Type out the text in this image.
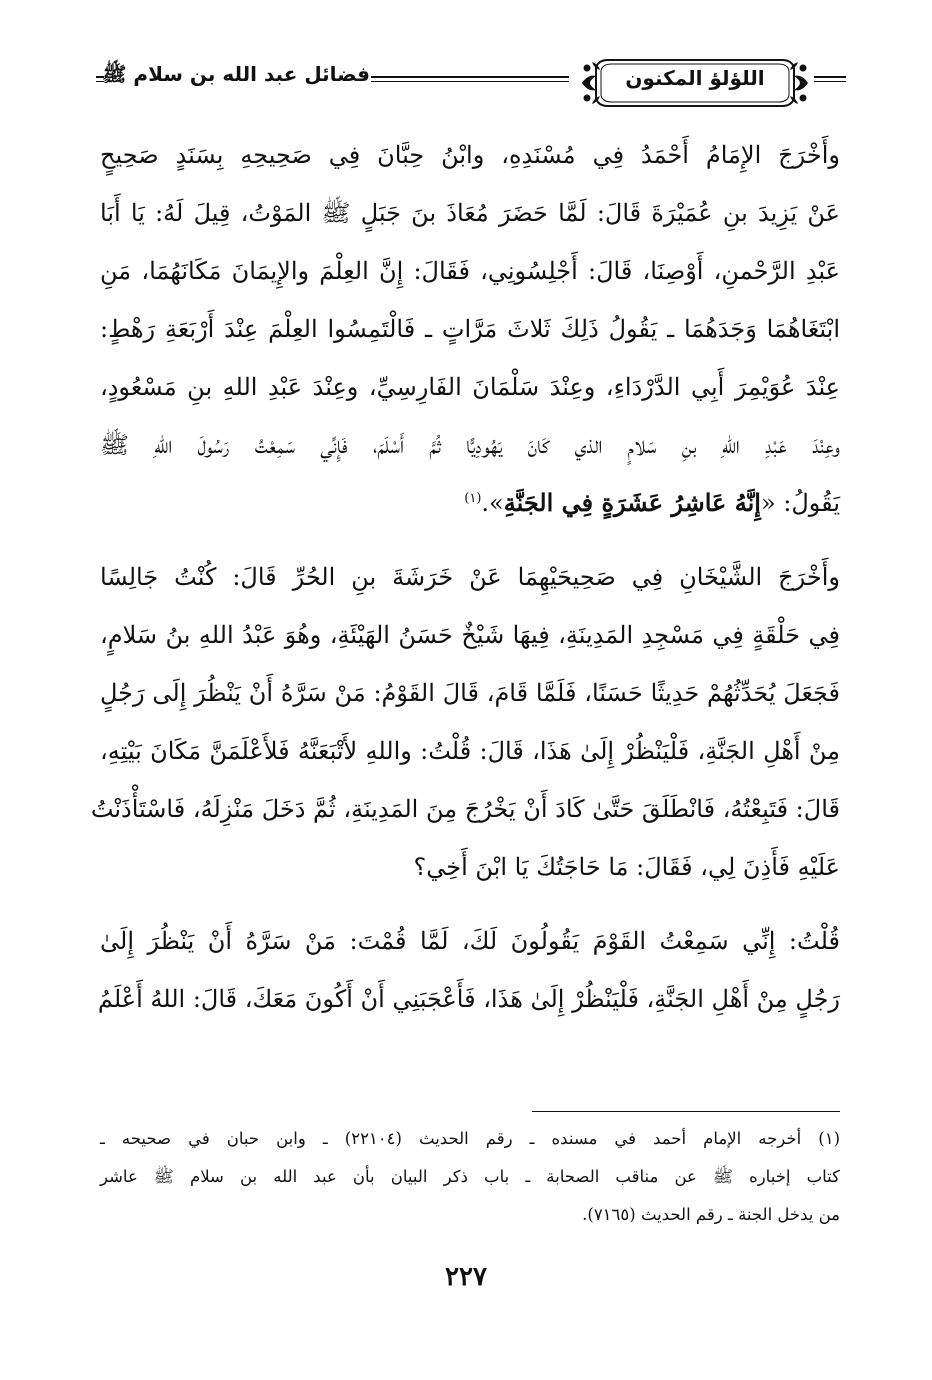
فضائل عبد الله بن سلام ﷺ	اللؤلؤ المكنون
وأَخْرَجَ الإِمَامُ أَحْمَدُ فِي مُسْنَدِهِ، وابْنُ حِبَّانَ فِي صَحِيحِهِ بِسَنَدٍ صَحِيحٍ
عَنْ يَزِيدَ بنِ عُمَيْرَةَ قَالَ: لَمَّا حَضَرَ مُعَاذَ بنَ جَبَلٍ ﷺ المَوْتُ، قِيلَ لَهُ: يَا أَبَا
عَبْدِ الرَّحْمنِ، أَوْصِنَا، قَالَ: أَجْلِسُونِي، فَقَالَ: إِنَّ العِلْمَ والإِيمَانَ مَكَانَهُمَا، مَنِ
ابْتَغَاهُمَا وَجَدَهُمَا ـ يَقُولُ ذَلِكَ ثَلاثَ مَرَّاتٍ ـ فَالْتَمِسُوا العِلْمَ عِنْدَ أَرْبَعَةِ رَهْطٍ:
عِنْدَ عُوَيْمِرَ أَبِي الدَّرْدَاءِ، وعِنْدَ سَلْمَانَ الفَارِسِيِّ، وعِنْدَ عَبْدِ اللهِ بنِ مَسْعُودٍ،
وعِنْدَ عَبْدِ اللهِ بنِ سَلامٍ الذي كَانَ يَهُودِيًّا ثُمَّ أَسْلَمَ، فَإِنِّي سَمِعْتُ رَسُولَ اللهِ ﷺ
يَقُولُ: «إِنَّهُ عَاشِرُ عَشَرَةٍ فِي الجَنَّةِ».$^{(١)}$
وأَخْرَجَ الشَّيْخَانِ فِي صَحِيحَيْهِمَا عَنْ خَرَشَةَ بنِ الحُرِّ قَالَ: كُنْتُ جَالِسًا
فِي حَلْقَةٍ فِي مَسْجِدِ المَدِينَةِ، فِيهَا شَيْخٌ حَسَنُ الهَيْئَةِ، وهُوَ عَبْدُ اللهِ بنُ سَلامٍ،
فَجَعَلَ يُحَدِّثُهُمْ حَدِيثًا حَسَنًا، فَلَمَّا قَامَ، قَالَ القَوْمُ: مَنْ سَرَّهُ أَنْ يَنْظُرَ إِلَى رَجُلٍ
مِنْ أَهْلِ الجَنَّةِ، فَلْيَنْظُرْ إِلَىٰ هَذَا، قَالَ: قُلْتُ: واللهِ لأَتْبَعَنَّهُ فَلأَعْلَمَنَّ مَكَانَ بَيْتِهِ،
قَالَ: فَتَبِعْتُهُ، فَانْطَلَقَ حَتَّىٰ كَادَ أَنْ يَخْرُجَ مِنَ المَدِينَةِ، ثُمَّ دَخَلَ مَنْزِلَهُ، فَاسْتَأْذَنْتُ
عَلَيْهِ فَأَذِنَ لِي، فَقَالَ: مَا حَاجَتُكَ يَا ابْنَ أَخِي؟
قُلْتُ: إِنِّي سَمِعْتُ القَوْمَ يَقُولُونَ لَكَ، لَمَّا قُمْتَ: مَنْ سَرَّهُ أَنْ يَنْظُرَ إِلَىٰ
رَجُلٍ مِنْ أَهْلِ الجَنَّةِ، فَلْيَنْظُرْ إِلَىٰ هَذَا، فَأَعْجَبَنِي أَنْ أَكُونَ مَعَكَ، قَالَ: اللهُ أَعْلَمُ
(١) أخرجه الإمام أحمد في مسنده ـ رقم الحديث (٢٢١٠٤) ـ وابن حبان في صحيحه ـ
كتاب إخباره ﷺ عن مناقب الصحابة ـ باب ذكر البيان بأن عبد الله بن سلام ﷺ عاشر
من يدخل الجنة ـ رقم الحديث (٧١٦٥).
٢٢٧
